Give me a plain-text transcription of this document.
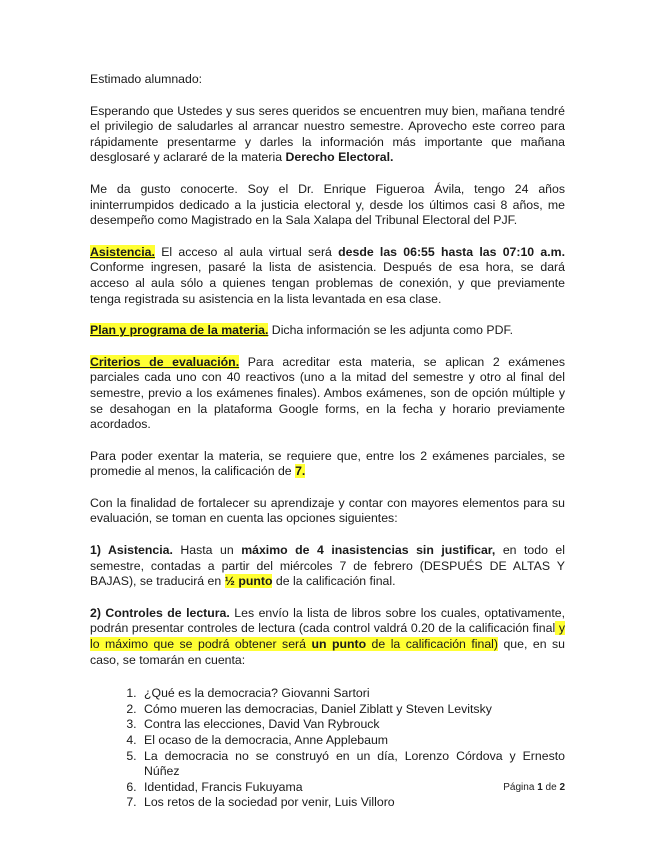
Estimado alumnado:

Esperando que Ustedes y sus seres queridos se encuentren muy bien, mañana tendré el privilegio de saludarles al arrancar nuestro semestre. Aprovecho este correo para rápidamente presentarme y darles la información más importante que mañana desglosaré y aclararé de la materia Derecho Electoral.

Me da gusto conocerte. Soy el Dr. Enrique Figueroa Ávila, tengo 24 años ininterrumpidos dedicado a la justicia electoral y, desde los últimos casi 8 años, me desempeño como Magistrado en la Sala Xalapa del Tribunal Electoral del PJF.

Asistencia. El acceso al aula virtual será desde las 06:55 hasta las 07:10 a.m. Conforme ingresen, pasaré la lista de asistencia. Después de esa hora, se dará acceso al aula sólo a quienes tengan problemas de conexión, y que previamente tenga registrada su asistencia en la lista levantada en esa clase.

Plan y programa de la materia. Dicha información se les adjunta como PDF.

Criterios de evaluación. Para acreditar esta materia, se aplican 2 exámenes parciales cada uno con 40 reactivos (uno a la mitad del semestre y otro al final del semestre, previo a los exámenes finales). Ambos exámenes, son de opción múltiple y se desahogan en la plataforma Google forms, en la fecha y horario previamente acordados.

Para poder exentar la materia, se requiere que, entre los 2 exámenes parciales, se promedie al menos, la calificación de 7.

Con la finalidad de fortalecer su aprendizaje y contar con mayores elementos para su evaluación, se toman en cuenta las opciones siguientes:

1) Asistencia. Hasta un máximo de 4 inasistencias sin justificar, en todo el semestre, contadas a partir del miércoles 7 de febrero (DESPUÉS DE ALTAS Y BAJAS), se traducirá en ½ punto de la calificación final.

2) Controles de lectura. Les envío la lista de libros sobre los cuales, optativamente, podrán presentar controles de lectura (cada control valdrá 0.20 de la calificación final y lo máximo que se podrá obtener será un punto de la calificación final) que, en su caso, se tomarán en cuenta:

1. ¿Qué es la democracia? Giovanni Sartori
2. Cómo mueren las democracias, Daniel Ziblatt y Steven Levitsky
3. Contra las elecciones, David Van Rybrouck
4. El ocaso de la democracia, Anne Applebaum
5. La democracia no se construyó en un día, Lorenzo Córdova y Ernesto Núñez
6. Identidad, Francis Fukuyama
7. Los retos de la sociedad por venir, Luis Villoro
Página 1 de 2
